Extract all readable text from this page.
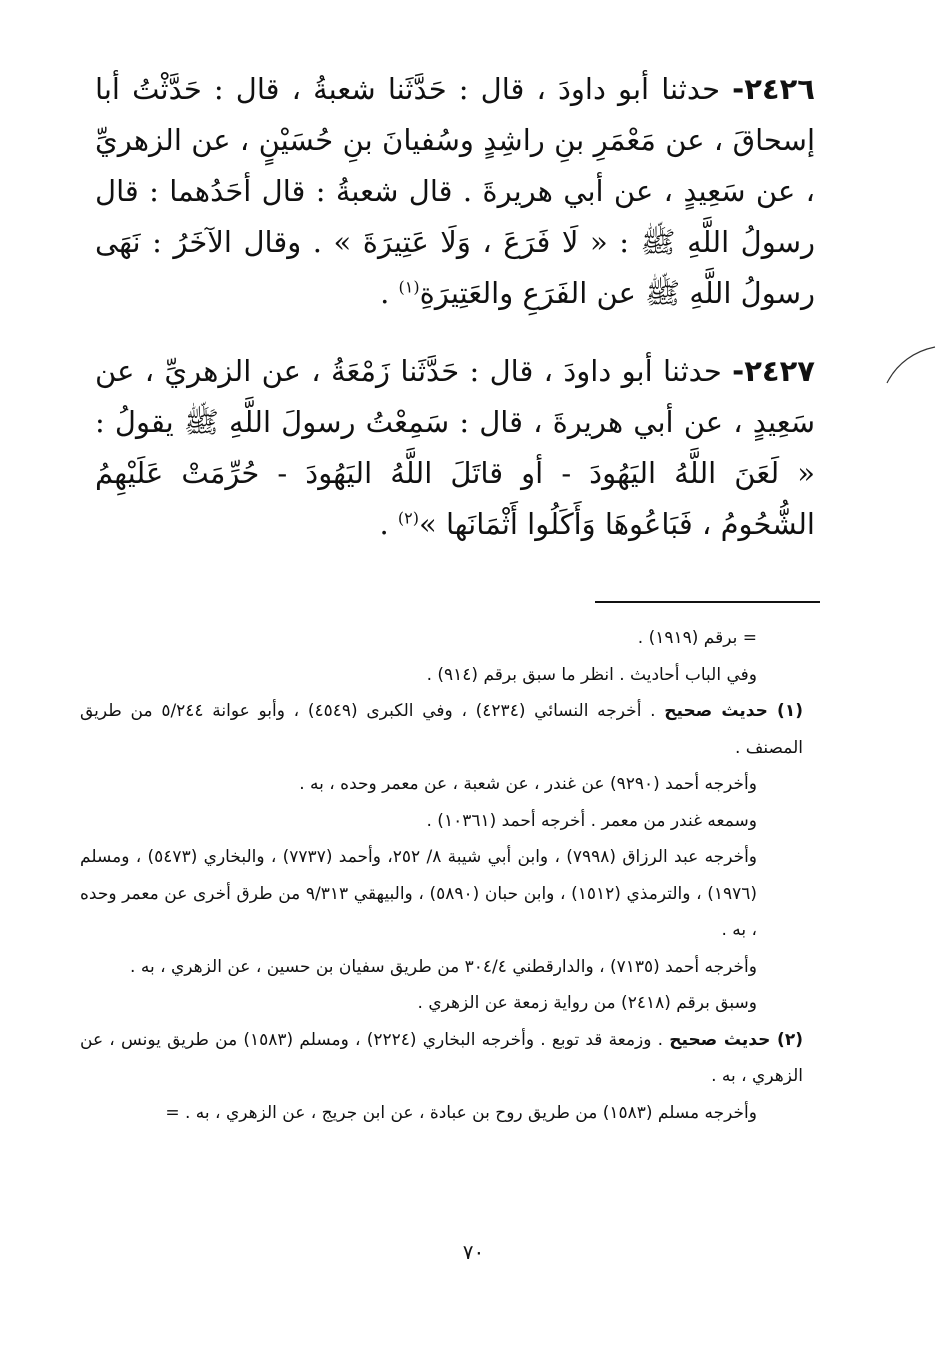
٢٤٢٦- حدثنا أبو داودَ ، قال : حَدَّثَنا شعبةُ ، قال : حَدَّثْتُ أبا إسحاقَ ، عن مَعْمَرِ بنِ راشِدٍ وسُفيانَ بنِ حُسَيْنٍ ، عن الزهريِّ ، عن سَعِيدٍ ، عن أبي هريرةَ . قال شعبةُ : قال أحَدُهما : قال رسولُ اللَّهِ ﷺ : « لَا فَرَعَ ، وَلَا عَتِيرَةَ » . وقال الآخَرُ : نَهَى رسولُ اللَّهِ ﷺ عن الفَرَعِ والعَتِيرَةِ$^{(١)}$ .
٢٤٢٧- حدثنا أبو داودَ ، قال : حَدَّثَنا زَمْعَةُ ، عن الزهريِّ ، عن سَعِيدٍ ، عن أبي هريرةَ ، قال : سَمِعْتُ رسولَ اللَّهِ ﷺ يقولُ : « لَعَنَ اللَّهُ اليَهُودَ - أو قاتَلَ اللَّهُ اليَهُودَ - حُرِّمَتْ عَلَيْهِمُ الشُّحُومُ ، فَبَاعُوهَا وَأَكَلُوا أَثْمَانَها »$^{(٢)}$ .

= برقم (١٩١٩) .

وفي الباب أحاديث . انظر ما سبق برقم (٩١٤) .

(١) حديث صحيح . أخرجه النسائي (٤٢٣٤) ، وفي الكبرى (٤٥٤٩) ، وأبو عوانة ٥/٢٤٤ من طريق المصنف .

وأخرجه أحمد (٩٢٩٠) عن غندر ، عن شعبة ، عن معمر وحده ، به .

وسمعه غندر من معمر . أخرجه أحمد (١٠٣٦١) .

وأخرجه عبد الرزاق (٧٩٩٨) ، وابن أبي شيبة ٨/ ٢٥٢، وأحمد (٧٧٣٧) ، والبخاري (٥٤٧٣) ، ومسلم (١٩٧٦) ، والترمذي (١٥١٢) ، وابن حبان (٥٨٩٠) ، والبيهقي ٩/٣١٣ من طرق أخرى عن معمر وحده ، به .

وأخرجه أحمد (٧١٣٥) ، والدارقطني ٣٠٤/٤ من طريق سفيان بن حسين ، عن الزهري ، به .

وسبق برقم (٢٤١٨) من رواية زمعة عن الزهري .

(٢) حديث صحيح . وزمعة قد توبع . وأخرجه البخاري (٢٢٢٤) ، ومسلم (١٥٨٣) من طريق يونس ، عن الزهري ، به .

وأخرجه مسلم (١٥٨٣) من طريق روح بن عبادة ، عن ابن جريج ، عن الزهري ، به . =

٧٠
